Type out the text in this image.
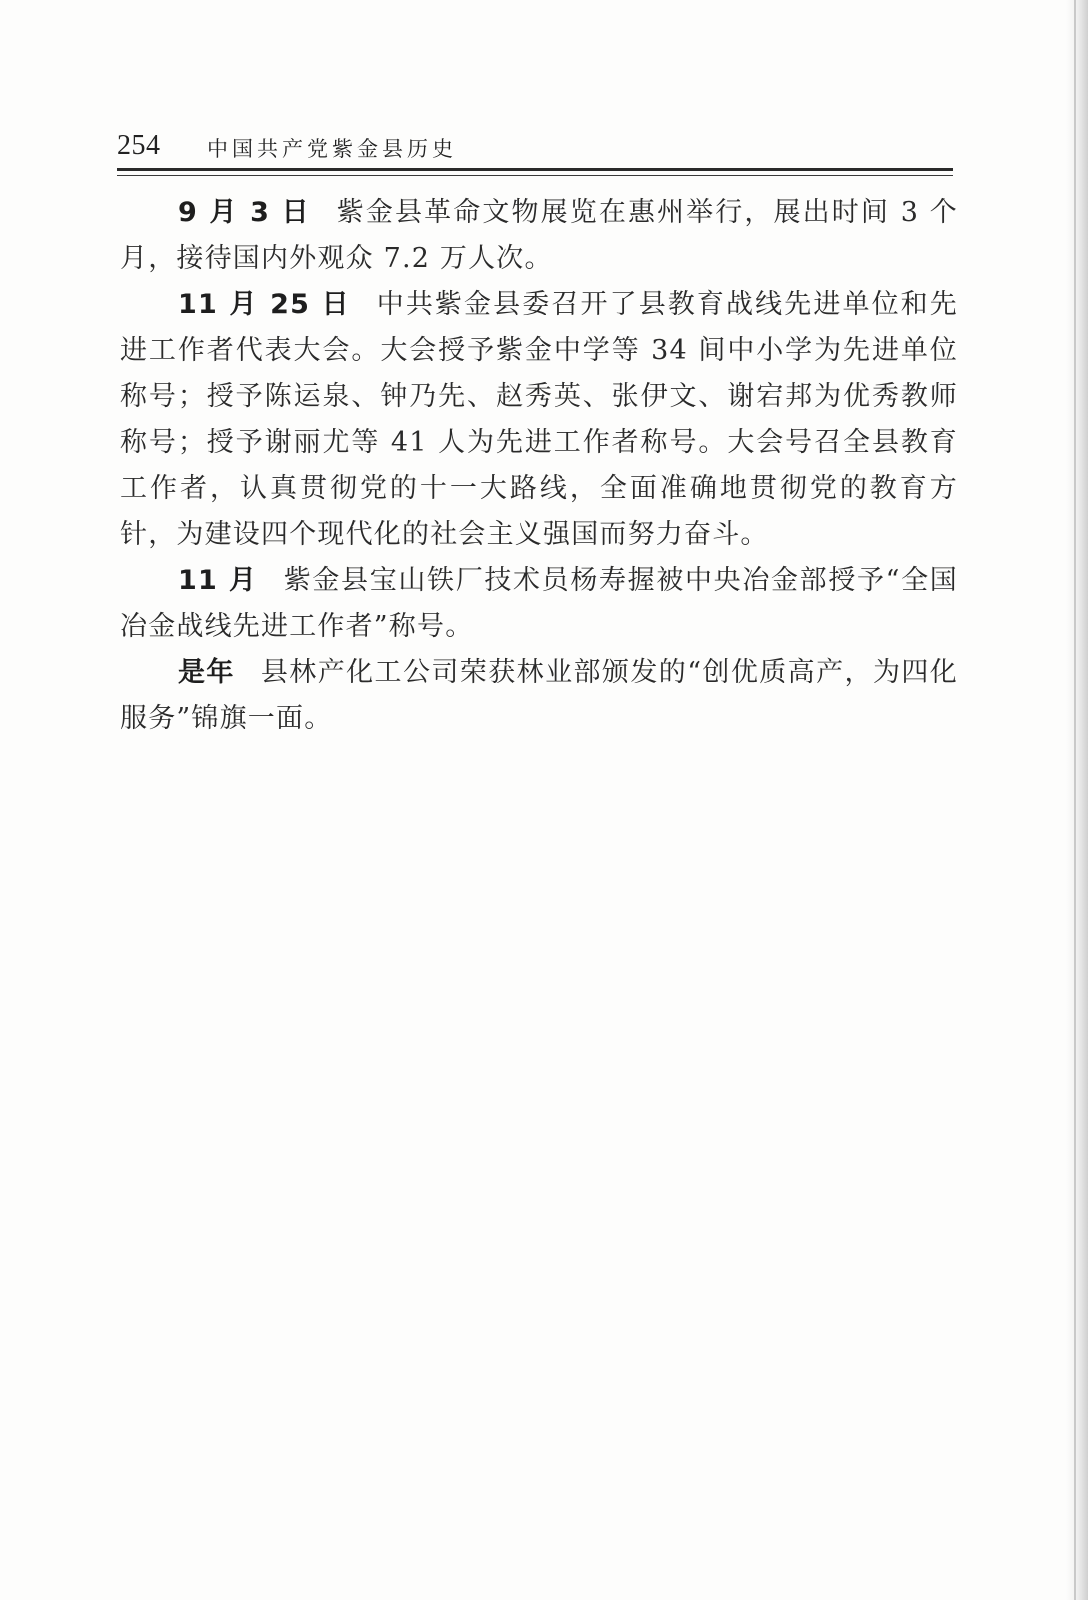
254 中国共产党紫金县历史

9 月 3 日 紫金县革命文物展览在惠州举行，展出时间 3 个月，接待国内外观众 7.2 万人次。

11 月 25 日 中共紫金县委召开了县教育战线先进单位和先进工作者代表大会。大会授予紫金中学等 34 间中小学为先进单位称号；授予陈运泉、钟乃先、赵秀英、张伊文、谢宕邦为优秀教师称号；授予谢丽尤等 41 人为先进工作者称号。大会号召全县教育工作者，认真贯彻党的十一大路线，全面准确地贯彻党的教育方针，为建设四个现代化的社会主义强国而努力奋斗。

11 月 紫金县宝山铁厂技术员杨寿握被中央冶金部授予“全国冶金战线先进工作者”称号。

是年 县林产化工公司荣获林业部颁发的“创优质高产，为四化服务”锦旗一面。
